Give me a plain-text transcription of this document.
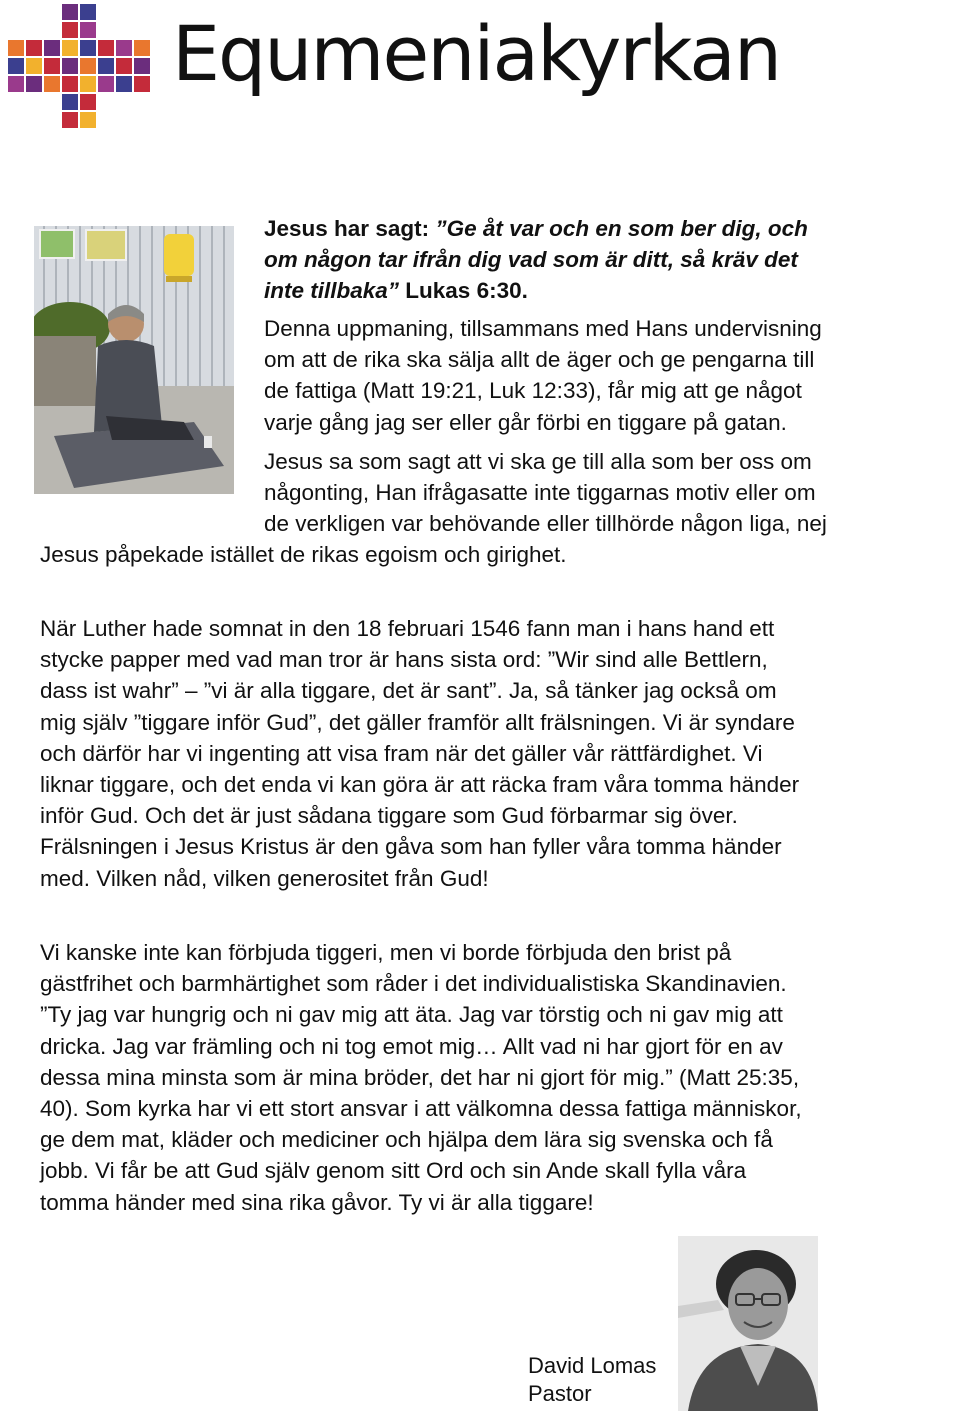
Equmeniakyrkan

Jesus har sagt: ”Ge åt var och en som ber dig, och
om någon tar ifrån dig vad som är ditt, så kräv det
inte tillbaka” Lukas 6:30.

Denna uppmaning, tillsammans med Hans undervisning
om att de rika ska sälja allt de äger och ge pengarna till
de fattiga (Matt 19:21, Luk 12:33), får mig att ge något
varje gång jag ser eller går förbi en tiggare på gatan.

Jesus sa som sagt att vi ska ge till alla som ber oss om
någonting, Han ifrågasatte inte tiggarnas motiv eller om
de verkligen var behövande eller tillhörde någon liga, nej

Jesus påpekade istället de rikas egoism och girighet.

När Luther hade somnat in den 18 februari 1546 fann man i hans hand ett
stycke papper med vad man tror är hans sista ord: ”Wir sind alle Bettlern,
dass ist wahr” – ”vi är alla tiggare, det är sant”. Ja, så tänker jag också om
mig själv ”tiggare inför Gud”, det gäller framför allt frälsningen. Vi är syndare
och därför har vi ingenting att visa fram när det gäller vår rättfärdighet. Vi
liknar tiggare, och det enda vi kan göra är att räcka fram våra tomma händer
inför Gud. Och det är just sådana tiggare som Gud förbarmar sig över.
Frälsningen i Jesus Kristus är den gåva som han fyller våra tomma händer
med. Vilken nåd, vilken generositet från Gud!

Vi kanske inte kan förbjuda tiggeri, men vi borde förbjuda den brist på
gästfrihet och barmhärtighet som råder i det individualistiska Skandinavien.
”Ty jag var hungrig och ni gav mig att äta. Jag var törstig och ni gav mig att
dricka. Jag var främling och ni tog emot mig… Allt vad ni har gjort för en av
dessa mina minsta som är mina bröder, det har ni gjort för mig.” (Matt 25:35,
40). Som kyrka har vi ett stort ansvar i att välkomna dessa fattiga människor,
ge dem mat, kläder och mediciner och hjälpa dem lära sig svenska och få
jobb. Vi får be att Gud själv genom sitt Ord och sin Ande skall fylla våra
tomma händer med sina rika gåvor. Ty vi är alla tiggare!

David Lomas
Pastor
